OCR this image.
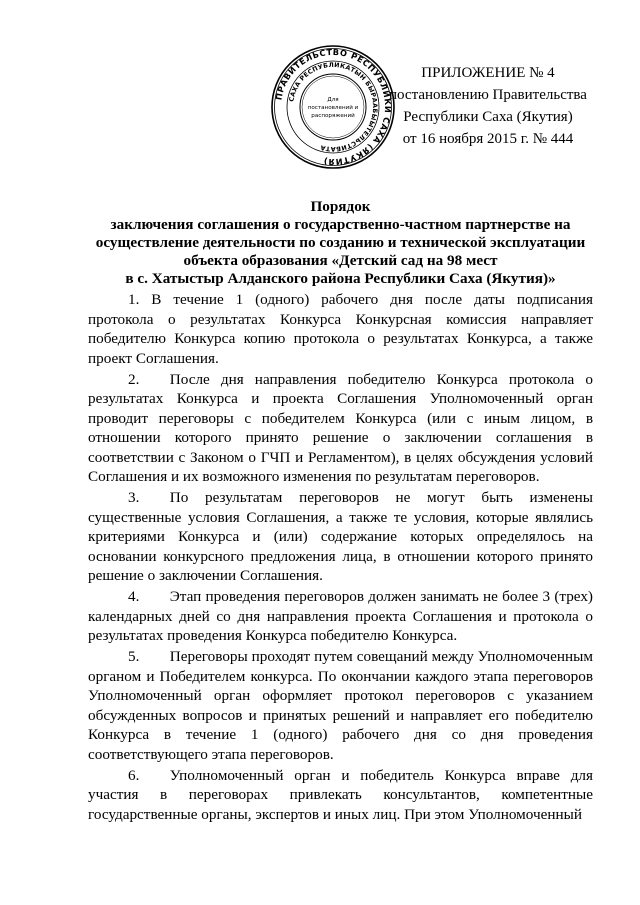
ПРАВИТЕЛЬСТВО РЕСПУБЛИКИ САХА (ЯКУТИЯ)
САХА РЕСПУБЛИКАТЫН БЫРААБЫЫТЕЛЬСТИБАТА
Для
постановлений и
распоряжений
ПРИЛОЖЕНИЕ № 4
постановлению Правительства
Республики Саха (Якутия)
от 16 ноября 2015 г. № 444
Порядок
заключения соглашения о государственно-частном партнерстве на
осуществление деятельности по созданию и технической эксплуатации
объекта образования «Детский сад на 98 мест
в с. Хатыстыр Алданского района Республики Саха (Якутия)»
1. В течение 1 (одного) рабочего дня после даты подписания
протокола о результатах Конкурса Конкурсная комиссия направляет
победителю Конкурса копию протокола о результатах Конкурса, а также
проект Соглашения.
2.  После дня направления победителю Конкурса протокола о
результатах Конкурса и проекта Соглашения Уполномоченный орган
проводит переговоры с победителем Конкурса (или с иным лицом, в
отношении которого принято решение о заключении соглашения в
соответствии с Законом о ГЧП и Регламентом), в целях обсуждения условий
Соглашения и их возможного изменения по результатам переговоров.
3.  По результатам переговоров не могут быть изменены
существенные условия Соглашения, а также те условия, которые являлись
критериями Конкурса и (или) содержание которых определялось на
основании конкурсного предложения лица, в отношении которого принято
решение о заключении Соглашения.
4.  Этап проведения переговоров должен занимать не более 3 (трех)
календарных дней со дня направления проекта Соглашения и протокола о
результатах проведения Конкурса победителю Конкурса.
5.  Переговоры проходят путем совещаний между Уполномоченным
органом и Победителем конкурса. По окончании каждого этапа переговоров
Уполномоченный орган оформляет протокол переговоров с указанием
обсужденных вопросов и принятых решений и направляет его победителю
Конкурса в течение 1 (одного) рабочего дня со дня проведения
соответствующего этапа переговоров.
6.  Уполномоченный орган и победитель Конкурса вправе для
участия в переговорах привлекать консультантов, компетентные
государственные органы, экспертов и иных лиц. При этом Уполномоченный
